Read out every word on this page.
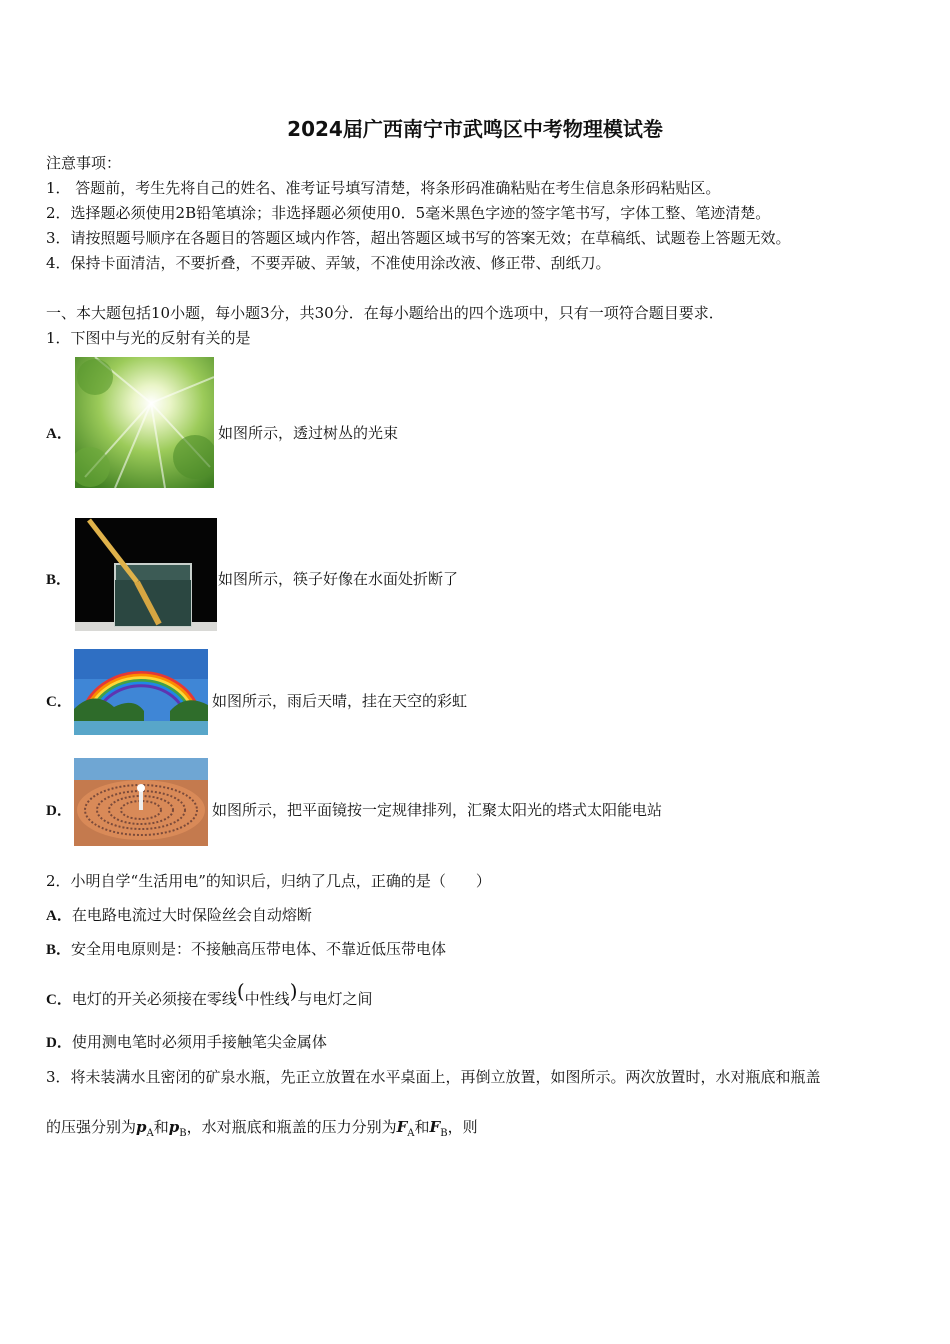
2024届广西南宁市武鸣区中考物理模试卷
注意事项：
1． 答题前，考生先将自己的姓名、准考证号填写清楚，将条形码准确粘贴在考生信息条形码粘贴区。
2．选择题必须使用2B铅笔填涂；非选择题必须使用0．5毫米黑色字迹的签字笔书写，字体工整、笔迹清楚。
3．请按照题号顺序在各题目的答题区域内作答，超出答题区域书写的答案无效；在草稿纸、试题卷上答题无效。
4．保持卡面清洁，不要折叠，不要弄破、弄皱，不准使用涂改液、修正带、刮纸刀。
一、本大题包括10小题，每小题3分，共30分．在每小题给出的四个选项中，只有一项符合题目要求．
1．下图中与光的反射有关的是
A．	如图所示，透过树丛的光束
B．	如图所示，筷子好像在水面处折断了
C．	如图所示，雨后天晴，挂在天空的彩虹
D．	如图所示，把平面镜按一定规律排列，汇聚太阳光的塔式太阳能电站
2．小明自学“生活用电”的知识后，归纳了几点，正确的是（　　）
A．在电路电流过大时保险丝会自动熔断
B．安全用电原则是：不接触高压带电体、不靠近低压带电体
C．电灯的开关必须接在零线(中性线)与电灯之间
D．使用测电笔时必须用手接触笔尖金属体
3．将未装满水且密闭的矿泉水瓶，先正立放置在水平桌面上，再倒立放置，如图所示。两次放置时，水对瓶底和瓶盖
的压强分别为$p_A$和$p_B$，水对瓶底和瓶盖的压力分别为$F_A$和$F_B$，则
